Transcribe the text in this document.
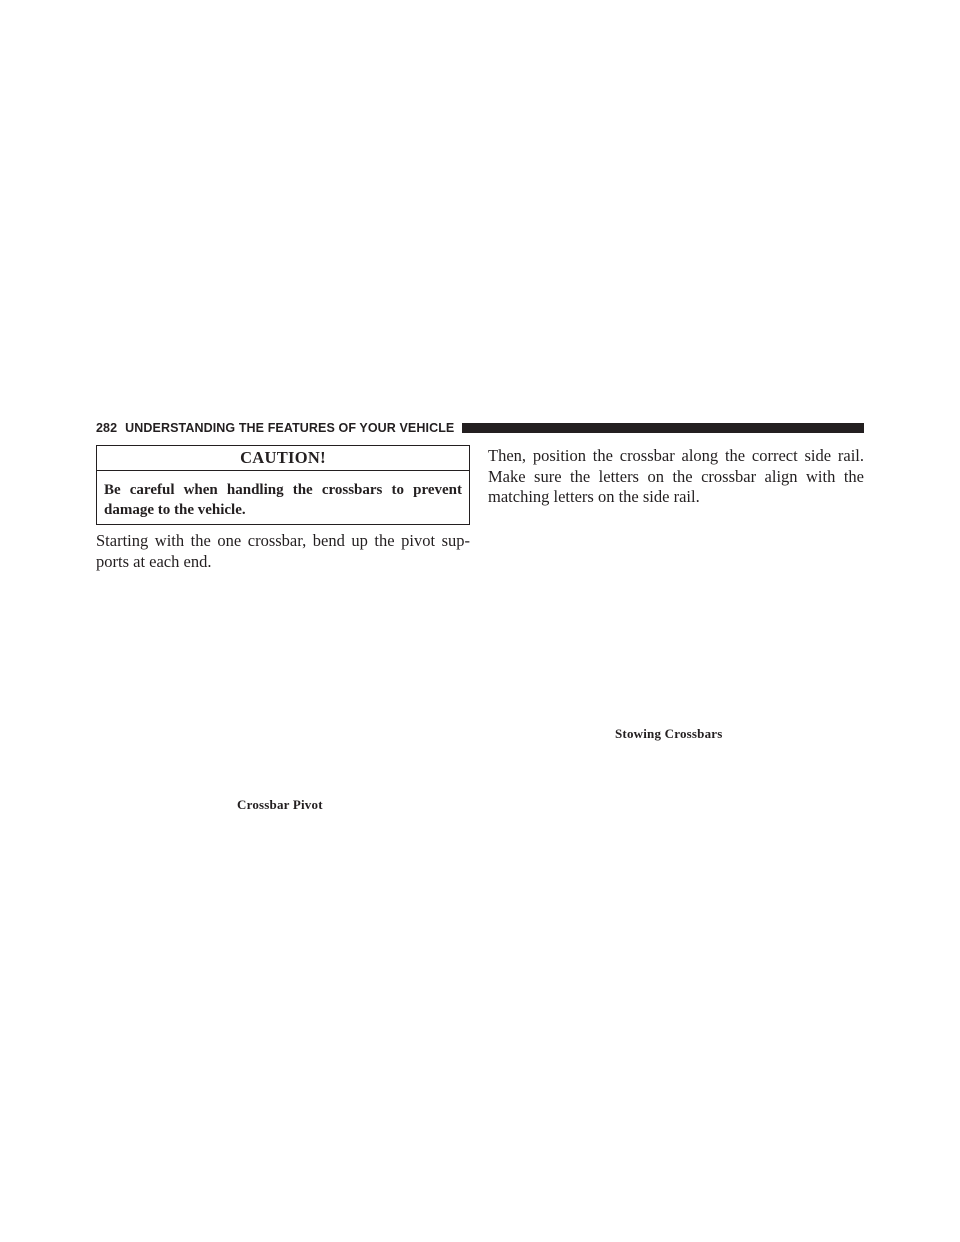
282 UNDERSTANDING THE FEATURES OF YOUR VEHICLE
CAUTION!
Be careful when handling the crossbars to prevent damage to the vehicle.
Starting with the one crossbar, bend up the pivot sup-ports at each end.
Crossbar Pivot
Then, position the crossbar along the correct side rail. Make sure the letters on the crossbar align with the matching letters on the side rail.
Stowing Crossbars
